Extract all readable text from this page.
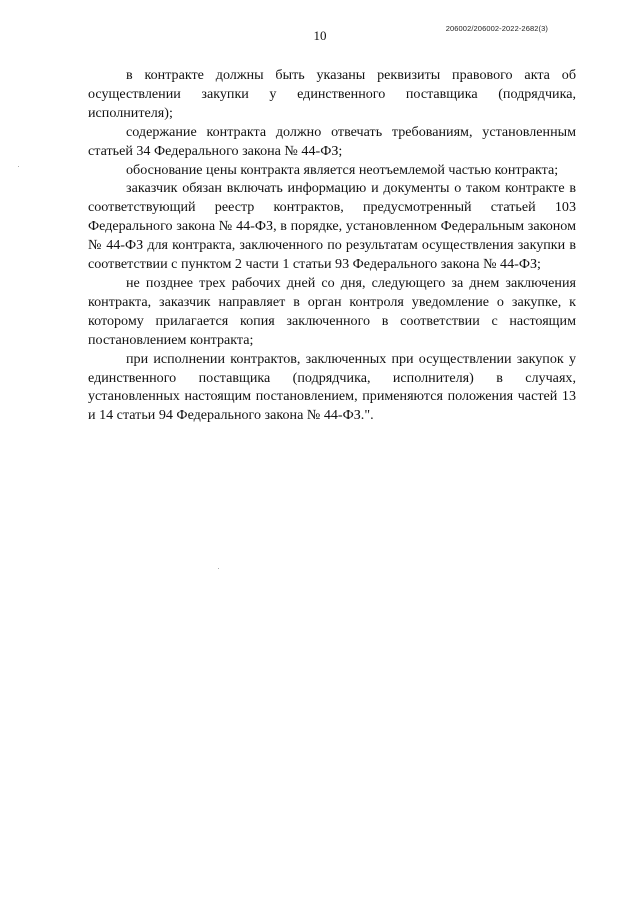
10	206002/206002-2022-2682(3)

в контракте должны быть указаны реквизиты правового акта об осуществлении закупки у единственного поставщика (подрядчика, исполнителя);

содержание контракта должно отвечать требованиям, установленным статьей 34 Федерального закона № 44-ФЗ;

обоснование цены контракта является неотъемлемой частью контракта;

заказчик обязан включать информацию и документы о таком контракте в соответствующий реестр контрактов, предусмотренный статьей 103 Федерального закона № 44-ФЗ, в порядке, установленном Федеральным законом № 44-ФЗ для контракта, заключенного по результатам осуществления закупки в соответствии с пунктом 2 части 1 статьи 93 Федерального закона № 44-ФЗ;

не позднее трех рабочих дней со дня, следующего за днем заключения контракта, заказчик направляет в орган контроля уведомление о закупке, к которому прилагается копия заключенного в соответствии с настоящим постановлением контракта;

при исполнении контрактов, заключенных при осуществлении закупок у единственного поставщика (подрядчика, исполнителя) в случаях, установленных настоящим постановлением, применяются положения частей 13 и 14 статьи 94 Федерального закона № 44-ФЗ.".
